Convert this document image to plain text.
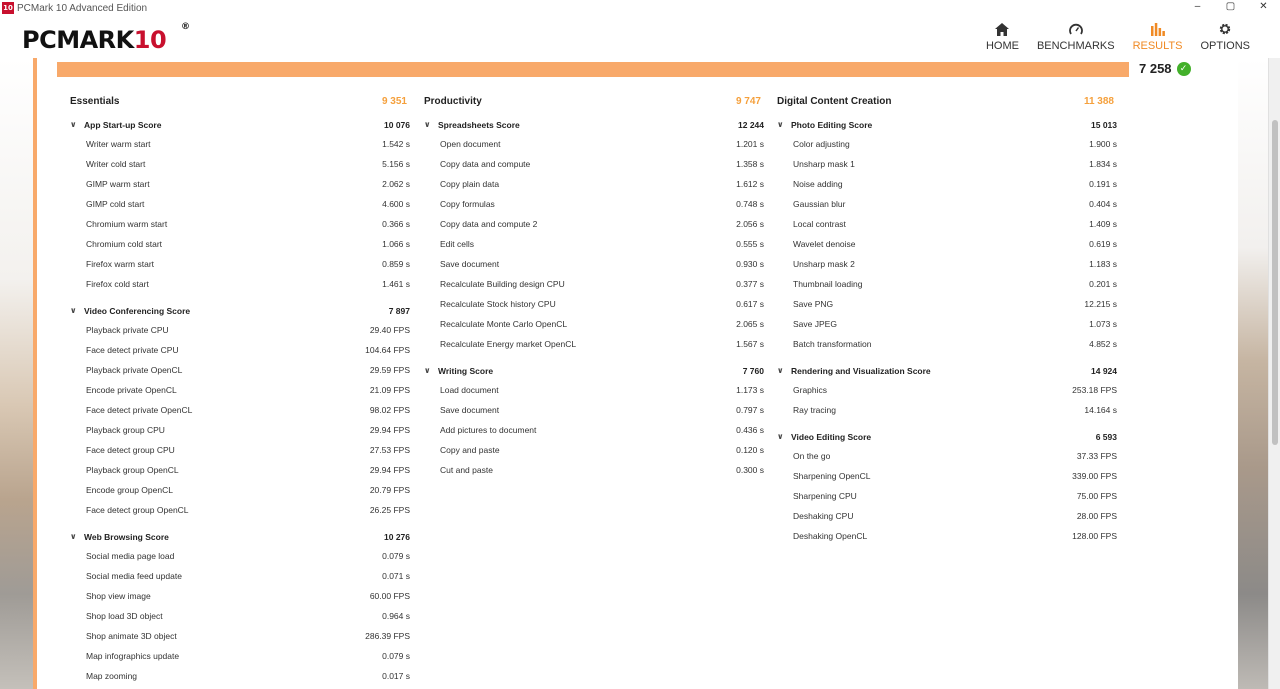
10 PCMark 10 Advanced Edition	–	▢	✕
PCMARK 10 ®
HOME BENCHMARKS RESULTS OPTIONS
7 258 ✓
Essentials	9 351
∨ App Start-up Score	10 076
Writer warm start	1.542 s
Writer cold start	5.156 s
GIMP warm start	2.062 s
GIMP cold start	4.600 s
Chromium warm start	0.366 s
Chromium cold start	1.066 s
Firefox warm start	0.859 s
Firefox cold start	1.461 s
∨ Video Conferencing Score	7 897
Playback private CPU	29.40 FPS
Face detect private CPU	104.64 FPS
Playback private OpenCL	29.59 FPS
Encode private OpenCL	21.09 FPS
Face detect private OpenCL	98.02 FPS
Playback group CPU	29.94 FPS
Face detect group CPU	27.53 FPS
Playback group OpenCL	29.94 FPS
Encode group OpenCL	20.79 FPS
Face detect group OpenCL	26.25 FPS
∨ Web Browsing Score	10 276
Social media page load	0.079 s
Social media feed update	0.071 s
Shop view image	60.00 FPS
Shop load 3D object	0.964 s
Shop animate 3D object	286.39 FPS
Map infographics update	0.079 s
Map zooming	0.017 s
Productivity	9 747
∨ Spreadsheets Score	12 244
Open document	1.201 s
Copy data and compute	1.358 s
Copy plain data	1.612 s
Copy formulas	0.748 s
Copy data and compute 2	2.056 s
Edit cells	0.555 s
Save document	0.930 s
Recalculate Building design CPU	0.377 s
Recalculate Stock history CPU	0.617 s
Recalculate Monte Carlo OpenCL	2.065 s
Recalculate Energy market OpenCL	1.567 s
∨ Writing Score	7 760
Load document	1.173 s
Save document	0.797 s
Add pictures to document	0.436 s
Copy and paste	0.120 s
Cut and paste	0.300 s
Digital Content Creation	11 388
∨ Photo Editing Score	15 013
Color adjusting	1.900 s
Unsharp mask 1	1.834 s
Noise adding	0.191 s
Gaussian blur	0.404 s
Local contrast	1.409 s
Wavelet denoise	0.619 s
Unsharp mask 2	1.183 s
Thumbnail loading	0.201 s
Save PNG	12.215 s
Save JPEG	1.073 s
Batch transformation	4.852 s
∨ Rendering and Visualization Score	14 924
Graphics	253.18 FPS
Ray tracing	14.164 s
∨ Video Editing Score	6 593
On the go	37.33 FPS
Sharpening OpenCL	339.00 FPS
Sharpening CPU	75.00 FPS
Deshaking CPU	28.00 FPS
Deshaking OpenCL	128.00 FPS
